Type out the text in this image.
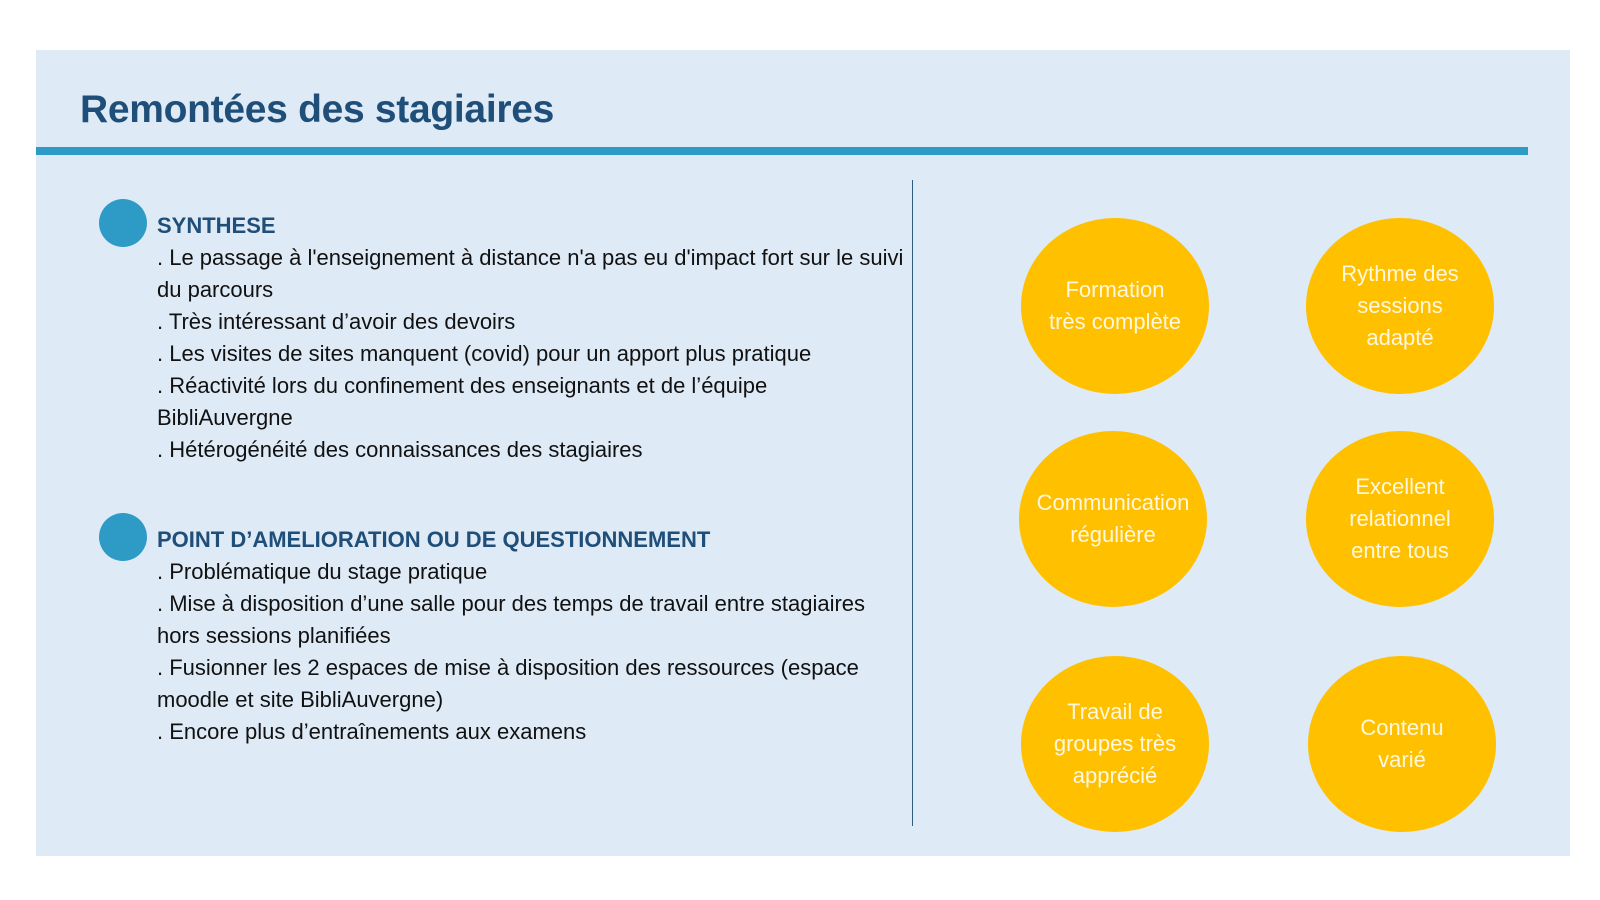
Remontées des stagiaires
SYNTHESE
. Le passage à l'enseignement à distance n'a pas eu d'impact fort sur le suivi du parcours
. Très intéressant d’avoir des devoirs
. Les visites de sites manquent (covid) pour un apport plus pratique
. Réactivité lors du confinement des enseignants et de l’équipe BibliAuvergne
. Hétérogénéité des connaissances des stagiaires
POINT D’AMELIORATION OU DE QUESTIONNEMENT
. Problématique du stage pratique
. Mise à disposition d’une salle pour des temps de travail entre stagiaires hors sessions planifiées
. Fusionner les 2 espaces de mise à disposition des ressources (espace moodle et site BibliAuvergne)
. Encore plus d’entraînements aux examens
Formation
très complète
Rythme des
sessions
adapté
Communication
régulière
Excellent
relationnel
entre tous
Travail de
groupes très
apprécié
Contenu
varié
